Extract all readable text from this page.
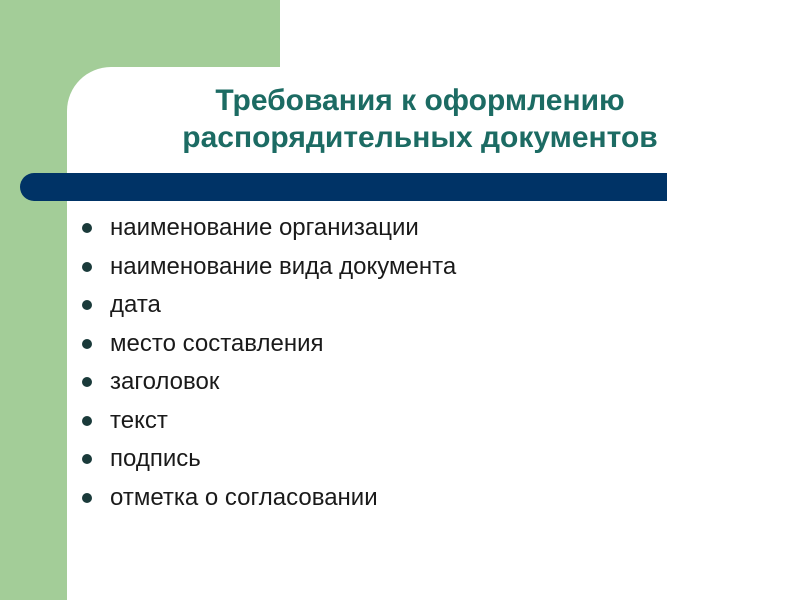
Требования к оформлению
распорядительных документов
наименование организации
наименование вида документа
дата
место составления
заголовок
текст
подпись
отметка о согласовании
